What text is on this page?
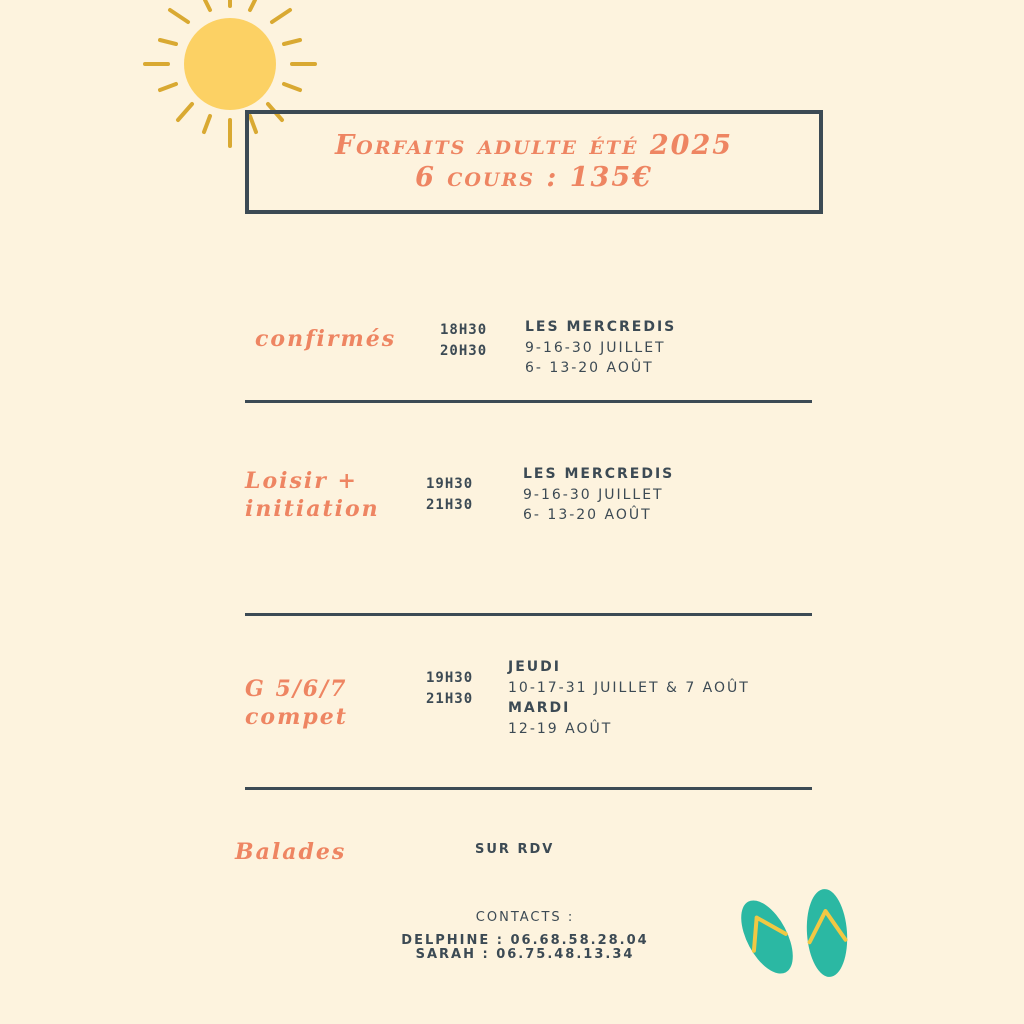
Forfaits adulte été 2025
6 cours : 135€
confirmés	18H30
20H30
LES MERCREDIS
9-16-30 JUILLET
6- 13-20 AOÛT
Loisir +
initiation
19H30
21H30
LES MERCREDIS
9-16-30 JUILLET
6- 13-20 AOÛT
G 5/6/7
compet
19H30
21H30
JEUDI
10-17-31 JUILLET & 7 AOÛT
MARDI
12-19 AOÛT
Balades	SUR RDV
CONTACTS :
DELPHINE : 06.68.58.28.04
SARAH : 06.75.48.13.34
